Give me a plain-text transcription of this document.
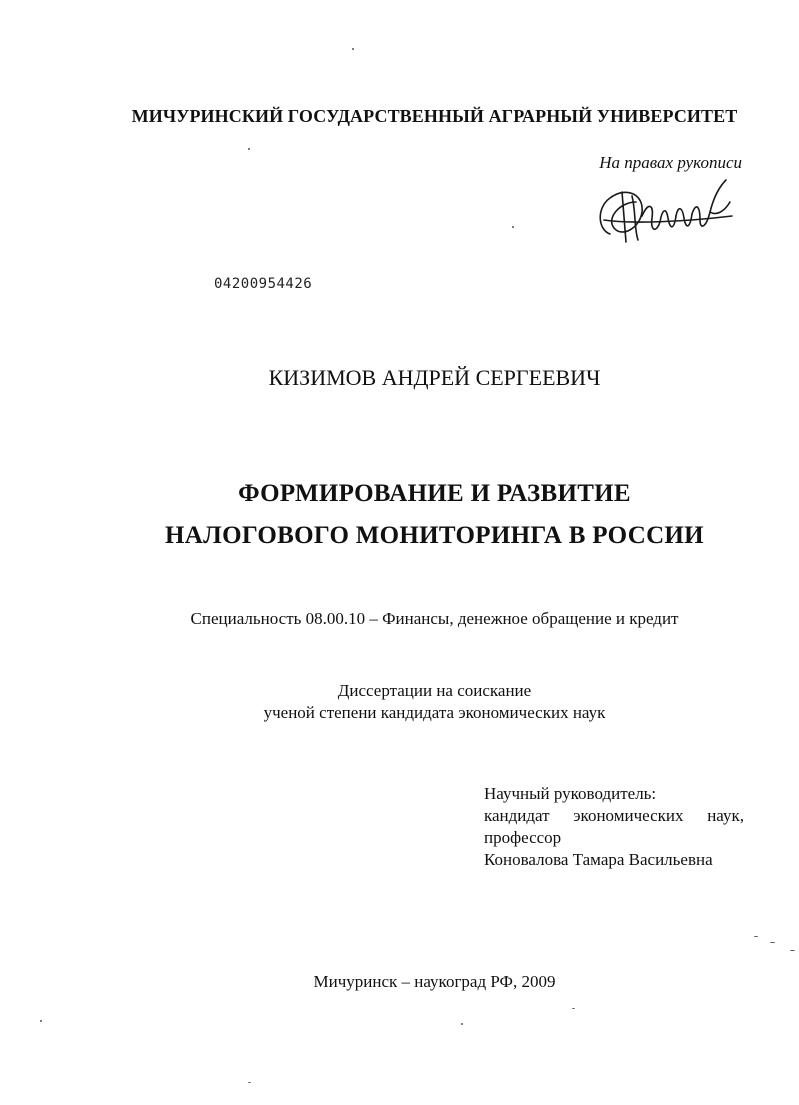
МИЧУРИНСКИЙ ГОСУДАРСТВЕННЫЙ АГРАРНЫЙ УНИВЕРСИТЕТ
На правах рукописи
04200954426
КИЗИМОВ АНДРЕЙ СЕРГЕЕВИЧ
ФОРМИРОВАНИЕ И РАЗВИТИЕ
НАЛОГОВОГО МОНИТОРИНГА В РОССИИ
Специальность 08.00.10 – Финансы, денежное обращение и кредит
Диссертации на соискание
ученой степени кандидата экономических наук
Научный руководитель:
кандидат экономических наук,
профессор
Коновалова Тамара Васильевна
Мичуринск – наукоград РФ, 2009
